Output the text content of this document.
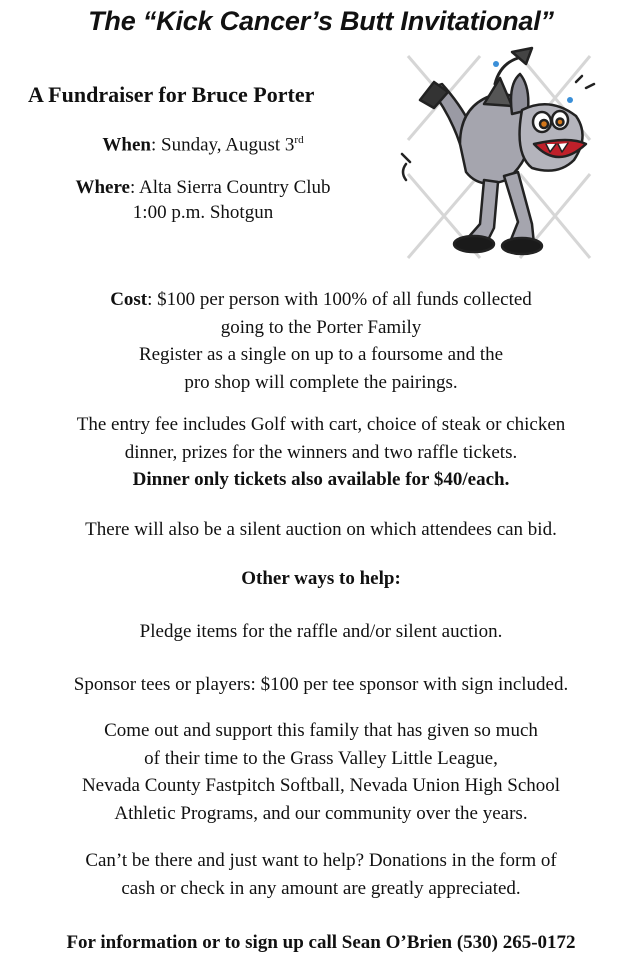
The “Kick Cancer’s Butt Invitational”
A Fundraiser for Bruce Porter
When: Sunday, August 3rd
Where: Alta Sierra Country Club
1:00 p.m. Shotgun
Cost: $100 per person with 100% of all funds collected
going to the Porter Family
Register as a single on up to a foursome and the
pro shop will complete the pairings.
The entry fee includes Golf with cart, choice of steak or chicken
dinner, prizes for the winners and two raffle tickets.
Dinner only tickets also available for $40/each.
There will also be a silent auction on which attendees can bid.
Other ways to help:
Pledge items for the raffle and/or silent auction.
Sponsor tees or players: $100 per tee sponsor with sign included.
Come out and support this family that has given so much
of their time to the Grass Valley Little League,
Nevada County Fastpitch Softball, Nevada Union High School
Athletic Programs, and our community over the years.
Can’t be there and just want to help? Donations in the form of
cash or check in any amount are greatly appreciated.
For information or to sign up call Sean O’Brien (530) 265-0172
